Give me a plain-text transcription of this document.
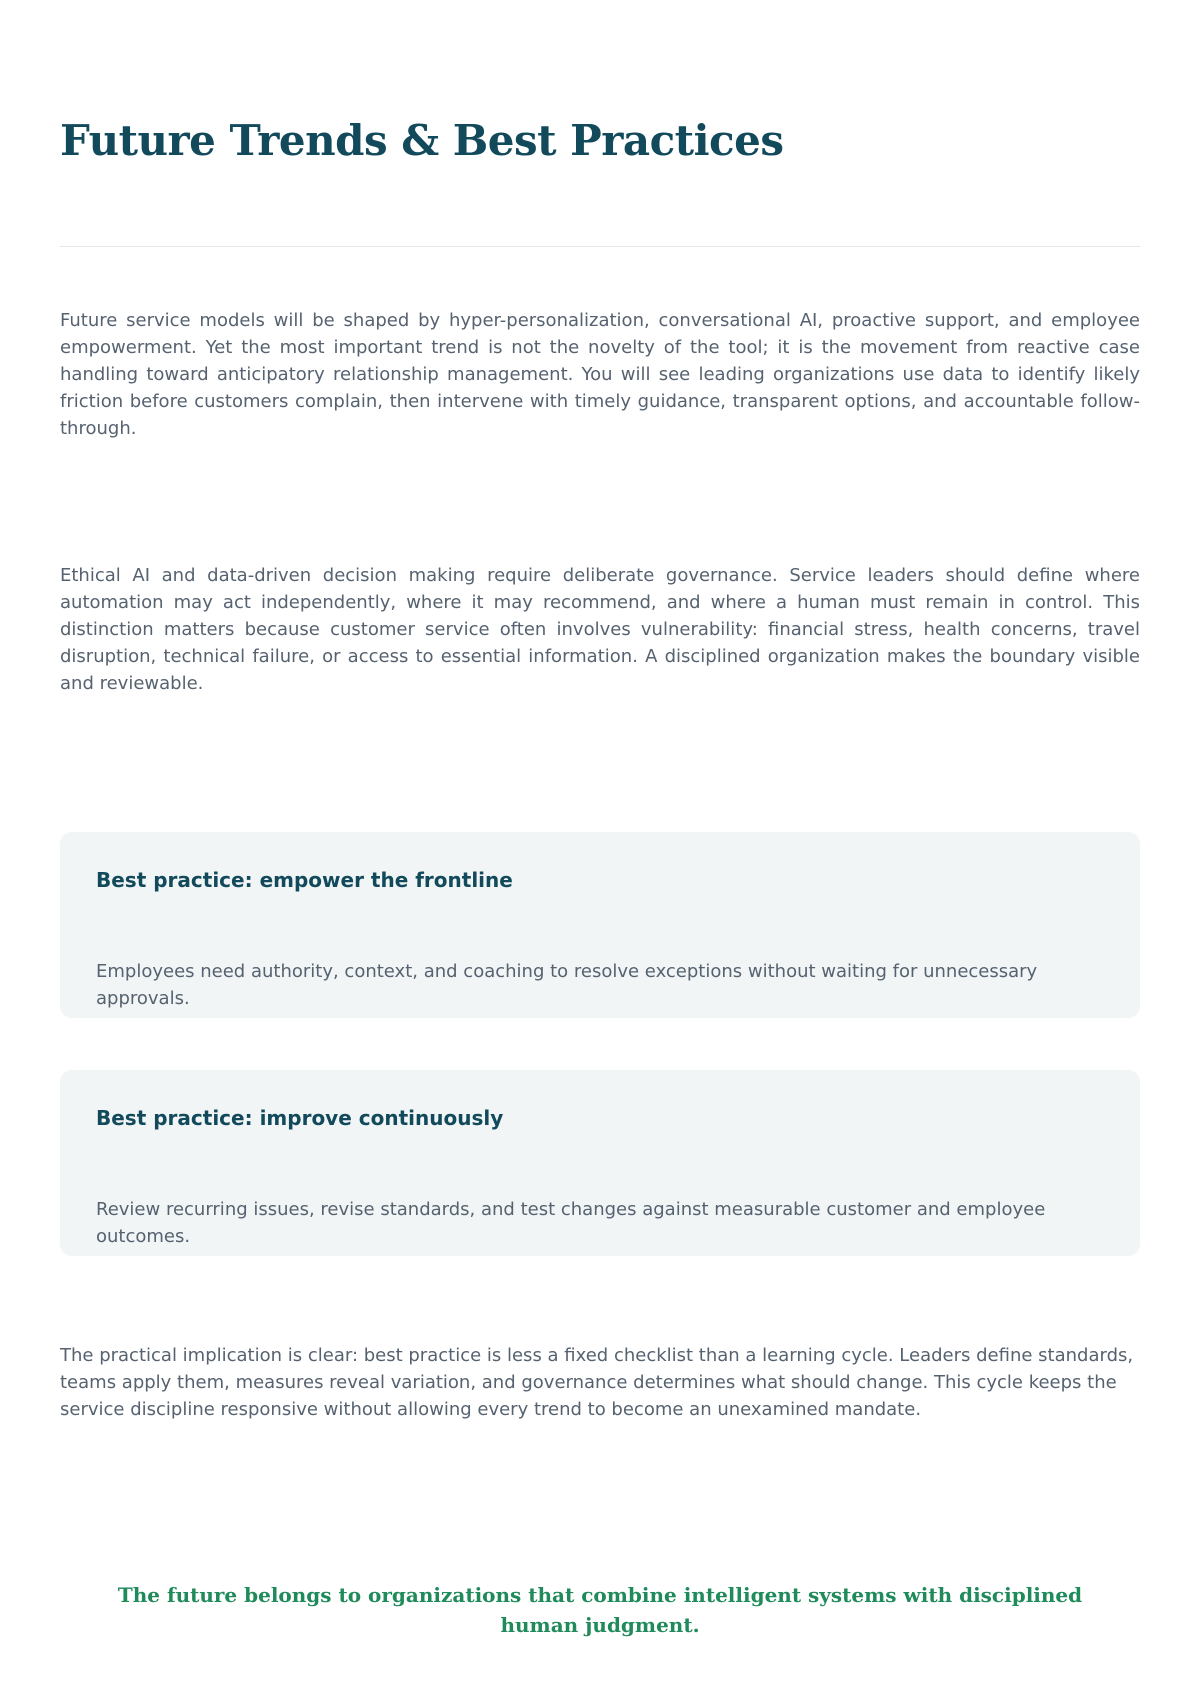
Future Trends & Best Practices

Future service models will be shaped by hyper-personalization, conversational AI, proactive support, and employee empowerment. Yet the most important trend is not the novelty of the tool; it is the movement from reactive case handling toward anticipatory relationship management. You will see leading organizations use data to identify likely friction before customers complain, then intervene with timely guidance, transparent options, and accountable follow-through.

Ethical AI and data-driven decision making require deliberate governance. Service leaders should define where automation may act independently, where it may recommend, and where a human must remain in control. This distinction matters because customer service often involves vulnerability: financial stress, health concerns, travel disruption, technical failure, or access to essential information. A disciplined organization makes the boundary visible and reviewable.

Best practice: empower the frontline

Employees need authority, context, and coaching to resolve exceptions without waiting for unnecessary approvals.

Best practice: improve continuously

Review recurring issues, revise standards, and test changes against measurable customer and employee outcomes.

The practical implication is clear: best practice is less a fixed checklist than a learning cycle. Leaders define standards, teams apply them, measures reveal variation, and governance determines what should change. This cycle keeps the service discipline responsive without allowing every trend to become an unexamined mandate.

The future belongs to organizations that combine intelligent systems with disciplined human judgment.
